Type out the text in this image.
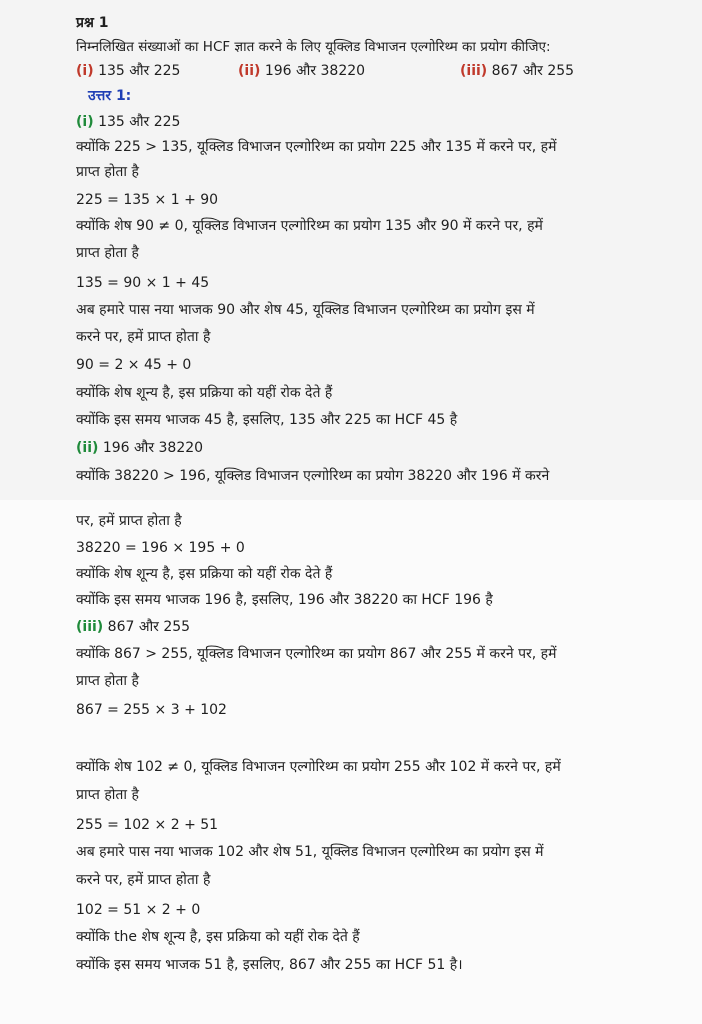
प्रश्न 1
निम्नलिखित संख्याओं का HCF ज्ञात करने के लिए यूक्लिड विभाजन एल्गोरिथ्म का प्रयोग कीजिए:
(i) 135 और 225	(ii) 196 और 38220	(iii) 867 और 255
उत्तर 1:
(i) 135 और 225
क्योंकि 225 > 135, यूक्लिड विभाजन एल्गोरिथ्म का प्रयोग 225 और 135 में करने पर, हमें
प्राप्त होता है
225 = 135 × 1 + 90
क्योंकि शेष 90 ≠ 0, यूक्लिड विभाजन एल्गोरिथ्म का प्रयोग 135 और 90 में करने पर, हमें
प्राप्त होता है
135 = 90 × 1 + 45
अब हमारे पास नया भाजक 90 और शेष 45, यूक्लिड विभाजन एल्गोरिथ्म का प्रयोग इस में
करने पर, हमें प्राप्त होता है
90 = 2 × 45 + 0
क्योंकि शेष शून्य है, इस प्रक्रिया को यहीं रोक देते हैं
क्योंकि इस समय भाजक 45 है, इसलिए, 135 और 225 का HCF 45 है
(ii) 196 और 38220
क्योंकि 38220 > 196, यूक्लिड विभाजन एल्गोरिथ्म का प्रयोग 38220 और 196 में करने
पर, हमें प्राप्त होता है
38220 = 196 × 195 + 0
क्योंकि शेष शून्य है, इस प्रक्रिया को यहीं रोक देते हैं
क्योंकि इस समय भाजक 196 है, इसलिए, 196 और 38220 का HCF 196 है
(iii) 867 और 255
क्योंकि 867 > 255, यूक्लिड विभाजन एल्गोरिथ्म का प्रयोग 867 और 255 में करने पर, हमें
प्राप्त होता है
867 = 255 × 3 + 102
क्योंकि शेष 102 ≠ 0, यूक्लिड विभाजन एल्गोरिथ्म का प्रयोग 255 और 102 में करने पर, हमें
प्राप्त होता है
255 = 102 × 2 + 51
अब हमारे पास नया भाजक 102 और शेष 51, यूक्लिड विभाजन एल्गोरिथ्म का प्रयोग इस में
करने पर, हमें प्राप्त होता है
102 = 51 × 2 + 0
क्योंकि the शेष शून्य है, इस प्रक्रिया को यहीं रोक देते हैं
क्योंकि इस समय भाजक 51 है, इसलिए, 867 और 255 का HCF 51 है।
